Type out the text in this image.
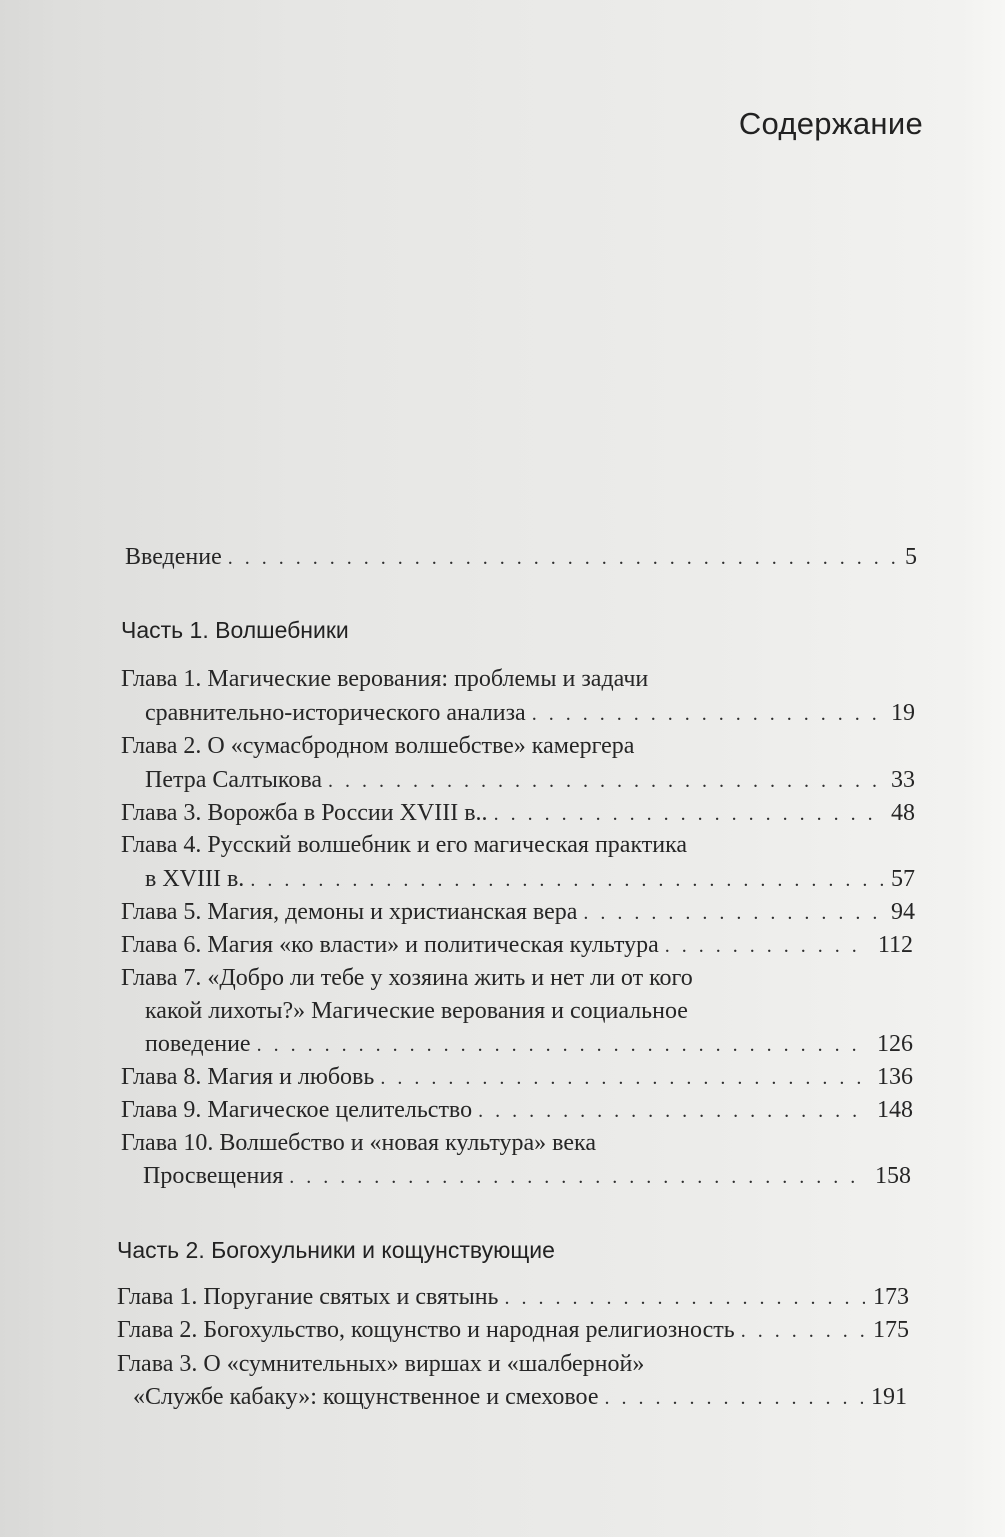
Содержание
Введение . . .	5
Часть 1. Волшебники
Глава 1. Магические верования: проблемы и задачи
сравнительно-исторического анализа . . .	19
Глава 2. О «сумасбродном волшебстве» камергера
Петра Салтыкова . . .	33
Глава 3. Ворожба в России XVIII в.. . . .	48
Глава 4. Русский волшебник и его магическая практика
в XVIII в. . . .	57
Глава 5. Магия, демоны и христианская вера . . .	94
Глава 6. Магия «ко власти» и политическая культура . . .	112
Глава 7. «Добро ли тебе у хозяина жить и нет ли от кого
какой лихоты?» Магические верования и социальное
поведение . . .	126
Глава 8. Магия и любовь . . .	136
Глава 9. Магическое целительство . . .	148
Глава 10. Волшебство и «новая культура» века
Просвещения . . .	158
Часть 2. Богохульники и кощунствующие
Глава 1. Поругание святых и святынь . . .	173
Глава 2. Богохульство, кощунство и народная религиозность . . .	175
Глава 3. О «сумнительных» виршах и «шалберной»
«Службе кабаку»: кощунственное и смеховое . . .	191
